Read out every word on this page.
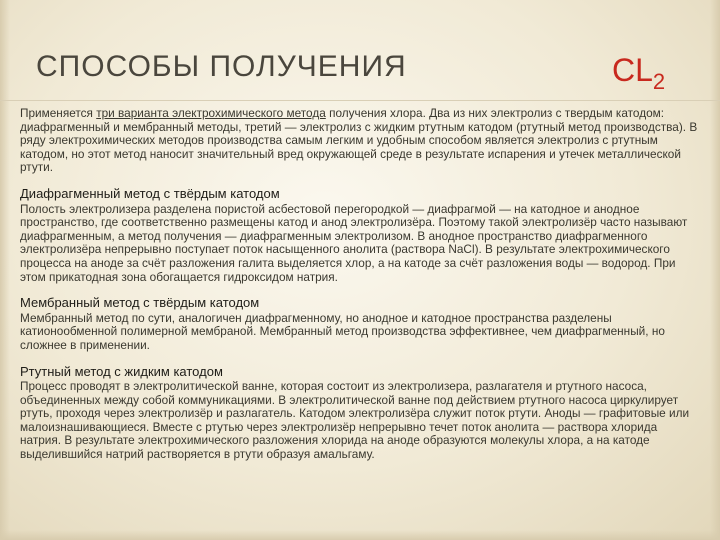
СПОСОБЫ ПОЛУЧЕНИЯ	$CL_2$

Применяется три варианта электрохимического метода получения хлора. Два из них электролиз с твердым катодом: диафрагменный и мембранный методы, третий — электролиз с жидким ртутным катодом (ртутный метод производства). В ряду электрохимических методов производства самым легким и удобным способом является электролиз с ртутным катодом, но этот метод наносит значительный вред окружающей среде в результате испарения и утечек металлической ртути.

Диафрагменный метод с твёрдым катодом

Полость электролизера разделена пористой асбестовой перегородкой — диафрагмой — на катодное и анодное пространство, где соответственно размещены катод и анод электролизёра. Поэтому такой электролизёр часто называют диафрагменным, а метод получения — диафрагменным электролизом. В анодное пространство диафрагменного электролизёра непрерывно поступает поток насыщенного анолита (раствора NaCl). В результате электрохимического процесса на аноде за счёт разложения галита выделяется хлор, а на катоде за счёт разложения воды — водород. При этом прикатодная зона обогащается гидроксидом натрия.

Мембранный метод с твёрдым катодом

Мембранный метод по сути, аналогичен диафрагменному, но анодное и катодное пространства разделены катионообменной полимерной мембраной. Мембранный метод производства эффективнее, чем диафрагменный, но сложнее в применении.

Ртутный метод с жидким катодом

Процесс проводят в электролитической ванне, которая состоит из электролизера, разлагателя и ртутного насоса, объединенных между собой коммуникациями. В электролитической ванне под действием ртутного насоса циркулирует ртуть, проходя через электролизёр и разлагатель. Катодом электролизёра служит поток ртути. Аноды — графитовые или малоизнашивающиеся. Вместе с ртутью через электролизёр непрерывно течет поток анолита — раствора хлорида натрия. В результате электрохимического разложения хлорида на аноде образуются молекулы хлора, а на катоде выделившийся натрий растворяется в ртути образуя амальгаму.
